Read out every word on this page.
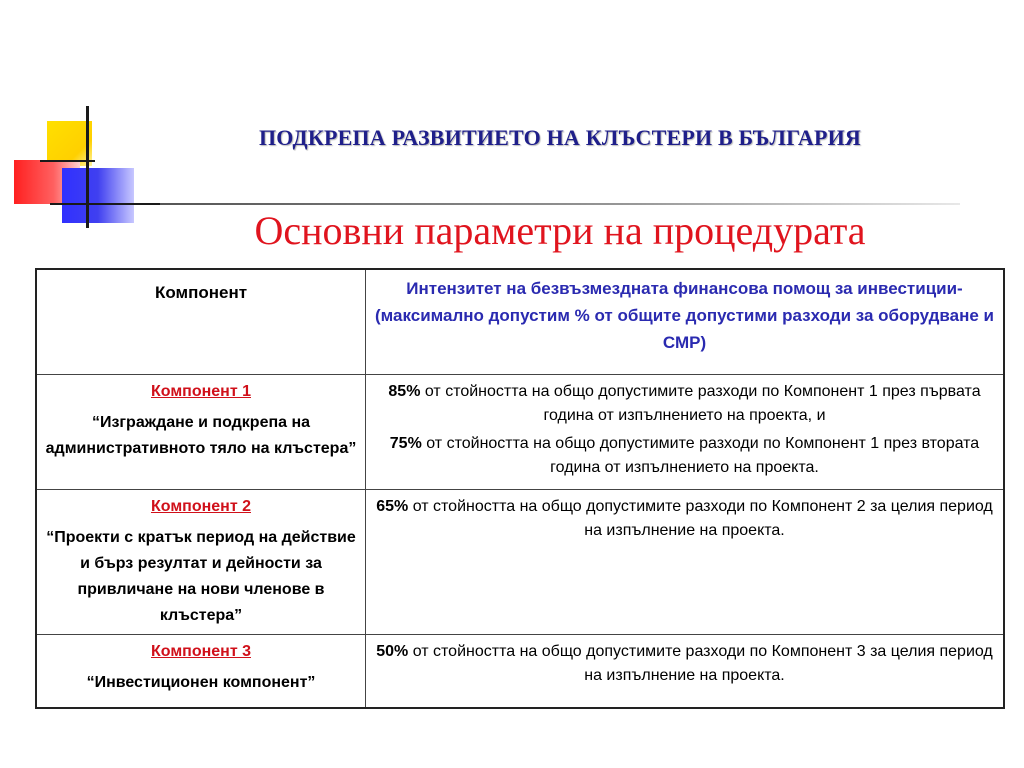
ПОДКРЕПА РАЗВИТИЕТО НА КЛЪСТЕРИ В БЪЛГАРИЯ
Основни параметри на процедурата
Компонент	Интензитет на безвъзмездната финансова помощ за инвестиции- (максимално допустим % от общите допустими разходи за оборудване и СМР)

Компонент 1
“Изграждане и подкрепа на административното тяло на клъстера”	85% от стойността на общо допустимите разходи по Компонент 1 през първата година от изпълнението на проекта, и
75% от стойността на общо допустимите разходи по Компонент 1 през втората година от изпълнението на проекта.

Компонент 2
“Проекти с кратък период на действие и бърз резултат и дейности за привличане на нови членове в клъстера”	65% от стойността на общо допустимите разходи по Компонент 2 за целия период на изпълнение на проекта.

Компонент 3
“Инвестиционен компонент”	50% от стойността на общо допустимите разходи по Компонент 3 за целия период на изпълнение на проекта.
